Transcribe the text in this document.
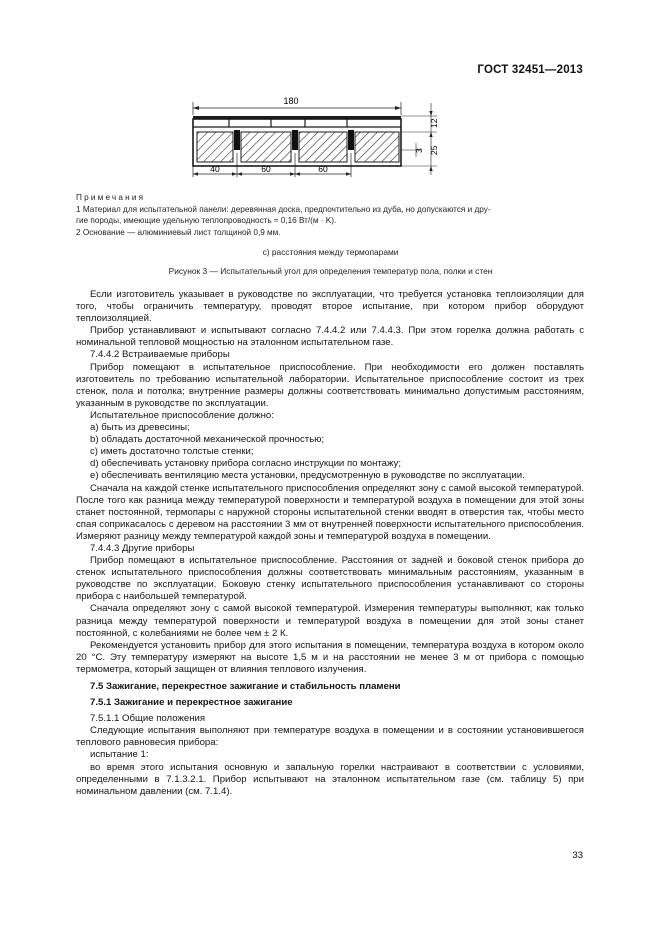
ГОСТ 32451—2013
180
40	60	60
12
3 25

Примечания

1 Материал для испытательной панели: деревянная доска, предпочтительно из дуба, но допускаются и дру-

гие породы, имеющие удельную теплопроводность ≈ 0,16 Вт/(м · K).

2 Основание — алюминиевый лист толщиной 0,9 мм.

с) расстояния между термопарами
Рисунок 3 — Испытательный угол для определения температур пола, полки и стен

Если изготовитель указывает в руководстве по эксплуатации, что требуется установка теплоизоляции для того, чтобы ограничить температуру, проводят второе испытание, при котором прибор оборудуют теплоизоляцией.

Прибор устанавливают и испытывают согласно 7.4.4.2 или 7.4.4.3. При этом горелка должна работать с номинальной тепловой мощностью на эталонном испытательном газе.

7.4.4.2 Встраиваемые приборы

Прибор помещают в испытательное приспособление. При необходимости его должен поставлять изготовитель по требованию испытательной лаборатории. Испытательное приспособление состоит из трех стенок, пола и потолка; внутренние размеры должны соответствовать минимально допустимым расстояниям, указанным в руководстве по эксплуатации.

Испытательное приспособление должно:

a) быть из древесины;

b) обладать достаточной механической прочностью;

c) иметь достаточно толстые стенки;

d) обеспечивать установку прибора согласно инструкции по монтажу;

e) обеспечивать вентиляцию места установки, предусмотренную в руководстве по эксплуатации.

Сначала на каждой стенке испытательного приспособления определяют зону с самой высокой температурой. После того как разница между температурой поверхности и температурой воздуха в помещении для этой зоны станет постоянной, термопары с наружной стороны испытательной стенки вводят в отверстия так, чтобы место спая соприкасалось с деревом на расстоянии 3 мм от внутренней поверхности испытательного приспособления. Измеряют разницу между температурой каждой зоны и температурой воздуха в помещении.

7.4.4.3 Другие приборы

Прибор помещают в испытательное приспособление. Расстояния от задней и боковой стенок прибора до стенок испытательного приспособления должны соответствовать минимальным расстояниям, указанным в руководстве по эксплуатации. Боковую стенку испытательного приспособления устанавливают со стороны прибора с наибольшей температурой.

Сначала определяют зону с самой высокой температурой. Измерения температуры выполняют, как только разница между температурой поверхности и температурой воздуха в помещении для этой зоны станет постоянной, с колебаниями не более чем ± 2 К.

Рекомендуется установить прибор для этого испытания в помещении, температура воздуха в котором около 20 °С. Эту температуру измеряют на высоте 1,5 м и на расстоянии не менее 3 м от прибора с помощью термометра, который защищен от влияния теплового излучения.

7.5 Зажигание, перекрестное зажигание и стабильность пламени

7.5.1 Зажигание и перекрестное зажигание

7.5.1.1 Общие положения

Следующие испытания выполняют при температуре воздуха в помещении и в состоянии установившегося теплового равновесия прибора:

испытание 1:

во время этого испытания основную и запальную горелки настраивают в соответствии с условиями, определенными в 7.1.3.2.1. Прибор испытывают на эталонном испытательном газе (см. таблицу 5) при номинальном давлении (см. 7.1.4).

33
